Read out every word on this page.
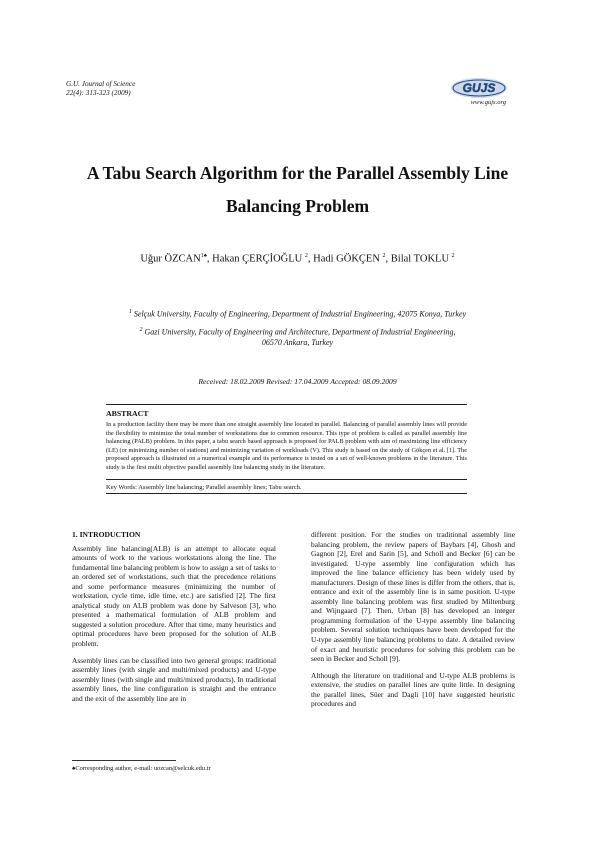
G.U. Journal of Science
22(4): 313-323 (2009)	GUJS
www.gujs.org
A Tabu Search Algorithm for the Parallel Assembly Line
Balancing Problem
Uğur $ÖZCAN^{1♠}$, Hakan ÇERÇİOĞLU $^2$, Hadi GÖKÇEN $^2$, Bilal TOKLU $^2$
$^1$ Selçuk University, Faculty of Engineering, Department of Industrial Engineering, 42075 Konya, Turkey
$^2$ Gazi University, Faculty of Engineering and Architecture, Department of Industrial Engineering,
06570 Ankara, Turkey
Received: 18.02.2009 Revised: 17.04.2009 Accepted: 08.09.2009
ABSTRACT

In a production facility there may be more than one straight assembly line located in parallel. Balancing of parallel assembly lines will provide the flexibility to minimize the total number of workstations due to common resource. This type of problem is called as parallel assembly line balancing (PALB) problem. In this paper, a tabu search based approach is proposed for PALB problem with aim of maximizing line efficiency (LE) (or minimizing number of stations) and minimizing variation of workloads (V). This study is based on the study of Gökçen et al. [1]. The proposed approach is illustrated on a numerical example and its performance is tested on a set of well-known problems in the literature. This study is the first multi objective parallel assembly line balancing study in the literature.

Key Words: Assembly line balancing; Parallel assembly lines; Tabu search.
1. INTRODUCTION

Assembly line balancing(ALB) is an attempt to allocate equal amounts of work to the various workstations along the line. The fundamental line balancing problem is how to assign a set of tasks to an ordered set of workstations, such that the precedence relations and some performance measures (minimizing the number of workstation, cycle time, idle time, etc.) are satisfied [2]. The first analytical study on ALB problem was done by Salveson [3], who presented a mathematical formulation of ALB problem and suggested a solution procedure. After that time, many heuristics and optimal procedures have been proposed for the solution of ALB problem.

Assembly lines can be classified into two general groups: traditional assembly lines (with single and multi/mixed products) and U-type assembly lines (with single and multi/mixed products). In traditional assembly lines, the line configuration is straight and the entrance and the exit of the assembly line are in

different position. For the studies on traditional assembly line balancing problem, the review papers of Baybars [4], Ghosh and Gagnon [2], Erel and Sarin [5], and Scholl and Becker [6] can be investigated. U-type assembly line configuration which has improved the line balance efficiency has been widely used by manufacturers. Design of these lines is differ from the others, that is, entrance and exit of the assembly line is in same position. U-type assembly line balancing problem was first studied by Miltenburg and Wijngaard [7]. Then, Urban [8] has developed an integer programming formulation of the U-type assembly line balancing problem. Several solution techniques have been developed for the U-type assembly line balancing problems to date. A detailed review of exact and heuristic procedures for solving this problem can be seen in Becker and Scholl [9].

Although the literature on traditional and U-type ALB problems is extensive, the studies on parallel lines are quite little. In designing the parallel lines, Süer and Dagli [10] have suggested heuristic procedures and

♠Corresponding author, e-mail: uozcan@selcuk.edu.tr
